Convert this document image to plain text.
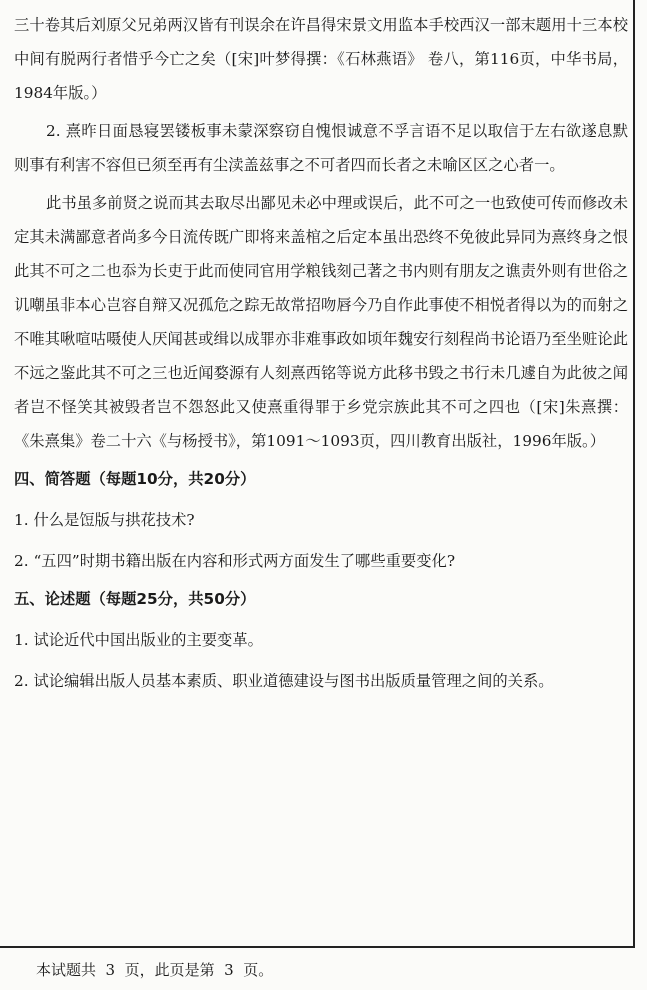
三十卷其后刘原父兄弟两汉皆有刊误余在许昌得宋景文用监本手校西汉一部末题用十三本校中间有脱两行者惜乎今亡之矣（[宋]叶梦得撰：《石林燕语》 卷八，第116页，中华书局，1984年版。）

2. 熹昨日面恳寝罢镂板事未蒙深察窃自愧恨诚意不孚言语不足以取信于左右欲遂息默则事有利害不容但已须至再有尘渎盖兹事之不可者四而长者之未喻区区之心者一。

此书虽多前贤之说而其去取尽出鄙见未必中理或误后，此不可之一也致使可传而修改未定其未满鄙意者尚多今日流传既广即将来盖棺之后定本虽出恐终不免彼此异同为熹终身之恨此其不可之二也忝为长吏于此而使同官用学粮钱刻己著之书内则有朋友之谯责外则有世俗之讥嘲虽非本心岂容自辩又况孤危之踪无故常招吻唇今乃自作此事使不相悦者得以为的而射之不唯其啾喧咕嗫使人厌闻甚或缉以成罪亦非难事政如顷年魏安行刻程尚书论语乃至坐赃论此不远之鉴此其不可之三也近闻婺源有人刻熹西铭等说方此移书毁之书行未几遽自为此彼之闻者岂不怪笑其被毁者岂不怨怒此又使熹重得罪于乡党宗族此其不可之四也（[宋]朱熹撰：《朱熹集》卷二十六《与杨授书》，第1091～1093页，四川教育出版社，1996年版。）

四、简答题（每题10分，共20分）

1. 什么是饾版与拱花技术?

2. “五四”时期书籍出版在内容和形式两方面发生了哪些重要变化?

五、论述题（每题25分，共50分）

1. 试论近代中国出版业的主要变革。

2. 试论编辑出版人员基本素质、职业道德建设与图书出版质量管理之间的关系。

本试题共  3  页，此页是第  3  页。
